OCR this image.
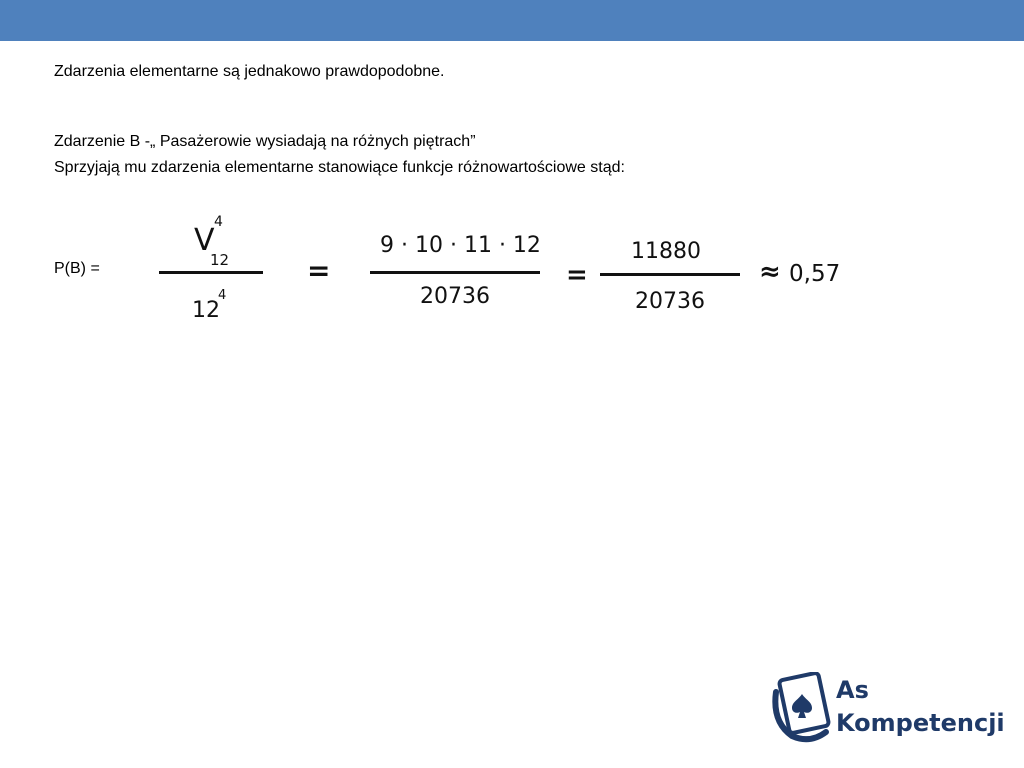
Zdarzenia elementarne są jednakowo prawdopodobne.
Zdarzenie B -„ Pasażerowie wysiadają na różnych piętrach”
Sprzyjają mu zdarzenia elementarne stanowiące funkcje różnowartościowe stąd:
P(B) =
V
4
12
12
4
=
9 · 10 · 11 · 12
20736
=
11880
20736
≈ 0,57
As
Kompetencji
